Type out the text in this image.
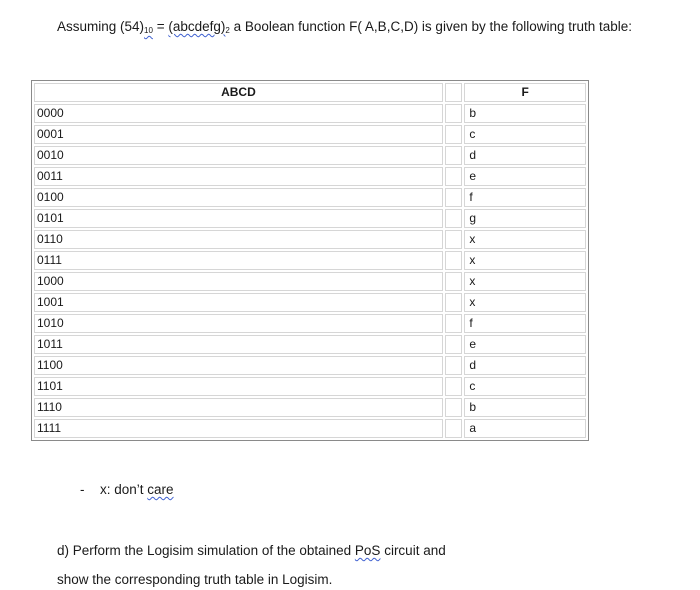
Assuming $(54)_{10}$ = $(abcdefg)_2$ a Boolean function F( A,B,C,D) is given by the following truth table:
ABCD		F
0000		b
0001		c
0010		d
0011		e
0100		f
0101		g
0110		x
0111		x
1000		x
1001		x
1010		f
1011		e
1100		d
1101		c
1110		b
1111		a
- x: don’t care
d) Perform the Logisim simulation of the obtained PoS circuit and
show the corresponding truth table in Logisim.
